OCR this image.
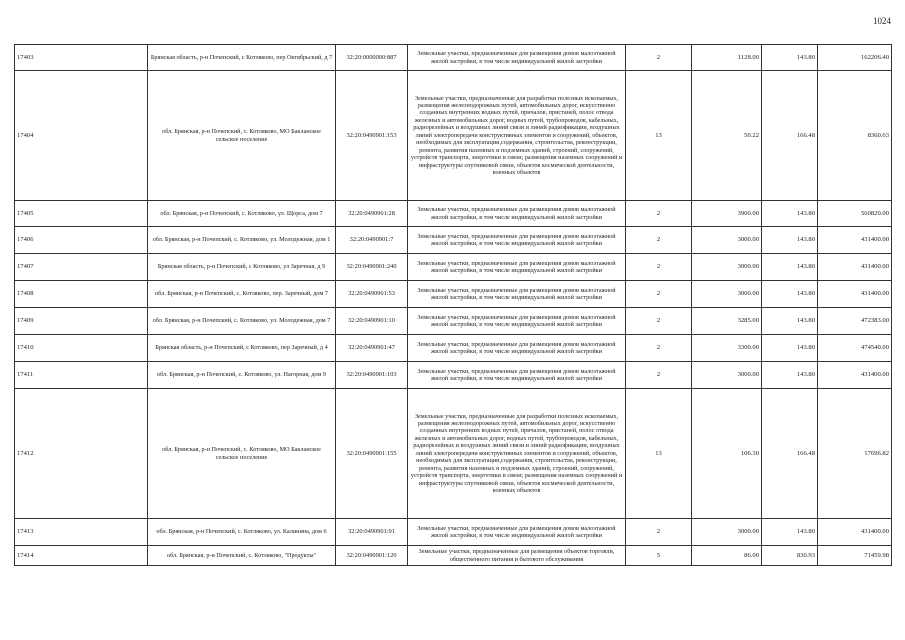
1024
17403	Брянская область, р-н Почепский, с Котляково, пер Октябрьский, д 7	32:20:0000000:887	Земельные участки, предназначенные для размещения домов малоэтажной жилой застройки, в том числе индивидуальной жилой застройки	2	1128.00	143.80	162206.40
17404	обл. Брянская, р-н Почепский, с. Котляково, МО Бакланское сельское поселение	32:20:0490901:153	Земельные участки, предназначенные для разработки полезных ископаемых, размещения железнодорожных путей, автомобильных дорог, искусственно созданных внутренних водных путей, причалов, пристаней, полос отвода железных и автомобильных дорог, водных путей, трубопроводов, кабельных, радиорелейных и воздушных линий связи и линий радиофикации, воздушных линий электропередачи конструктивных элементов и сооружений, объектов, необходимых для эксплуатации,содержания, строительства, реконструкции, ремонта, развития наземных и подземных зданий, строений, сооружений, устройств транспорта, энергетики и связи; размещения наземных сооружений и инфраструктуры спутниковой связи, объектов космической деятельности, военных объектов	13	50.22	166.48	8360.63
17405	обл. Брянская, р-н Почепский, с. Котляково, ул. Щорса, дом 7	32:20:0490901:28	Земельные участки, предназначенные для размещения домов малоэтажной жилой застройки, в том числе индивидуальной жилой застройки	2	3900.00	143.80	560820.00
17406	обл. Брянская, р-н Почепский, с. Котляково, ул. Молодежная, дом 1	32:20:0490901:7	Земельные участки, предназначенные для размещения домов малоэтажной жилой застройки, в том числе индивидуальной жилой застройки	2	3000.00	143.80	431400.00
17407	Брянская область, р-н Почепский, с Котляково, ул Заречная, д 9	32:20:0490901:240	Земельные участки, предназначенные для размещения домов малоэтажной жилой застройки, в том числе индивидуальной жилой застройки	2	3000.00	143.80	431400.00
17408	обл. Брянская, р-н Почепский, с. Котляково, пер. Заречный, дом 7	32:20:0490901:53	Земельные участки, предназначенные для размещения домов малоэтажной жилой застройки, в том числе индивидуальной жилой застройки	2	3000.00	143.80	431400.00
17409	обл. Брянская, р-н Почепский, с. Котляково, ул. Молодежная, дом 7	32:20:0490901:10	Земельные участки, предназначенные для размещения домов малоэтажной жилой застройки, в том числе индивидуальной жилой застройки	2	3285.00	143.80	472383.00
17410	Брянская область, р-н Почепский, с Котляково, пер Заречный, д 4	32:20:0490901:47	Земельные участки, предназначенные для размещения домов малоэтажной жилой застройки, в том числе индивидуальной жилой застройки	2	3300.00	143.80	474540.00
17411	обл. Брянская, р-н Почепский, с. Котляково, ул. Нагорная, дом 9	32:20:0490901:103	Земельные участки, предназначенные для размещения домов малоэтажной жилой застройки, в том числе индивидуальной жилой застройки	2	3000.00	143.80	431400.00
17412	обл. Брянская, р-н Почепский, с. Котляково, МО Бакланское сельское поселение	32:20:0490901:155	Земельные участки, предназначенные для разработки полезных ископаемых, размещения железнодорожных путей, автомобильных дорог, искусственно созданных внутренних водных путей, причалов, пристаней, полос отвода железных и автомобильных дорог, водных путей, трубопроводов, кабельных, радиорелейных и воздушных линий связи и линий радиофикации, воздушных линий электропередачи конструктивных элементов и сооружений, объектов, необходимых для эксплуатации,содержания, строительства, реконструкции, ремонта, развития наземных и подземных зданий, строений, сооружений, устройств транспорта, энергетики и связи; размещения наземных сооружений и инфраструктуры спутниковой связи, объектов космической деятельности, военных объектов	13	106.30	166.48	17696.82
17413	обл. Брянская, р-н Почепский, с. Котляково, ул. Калинина, дом 6	32:20:0490901:91	Земельные участки, предназначенные для размещения домов малоэтажной жилой застройки, в том числе индивидуальной жилой застройки	2	3000.00	143.80	431400.00
17414	обл. Брянская, р-н Почепский, с. Котляково, "Продукты"	32:20:0490901:120	Земельные участки, предназначенные для размещения объектов торговли, общественного питания и бытового обслуживания	5	86.00	830.93	71459.98
